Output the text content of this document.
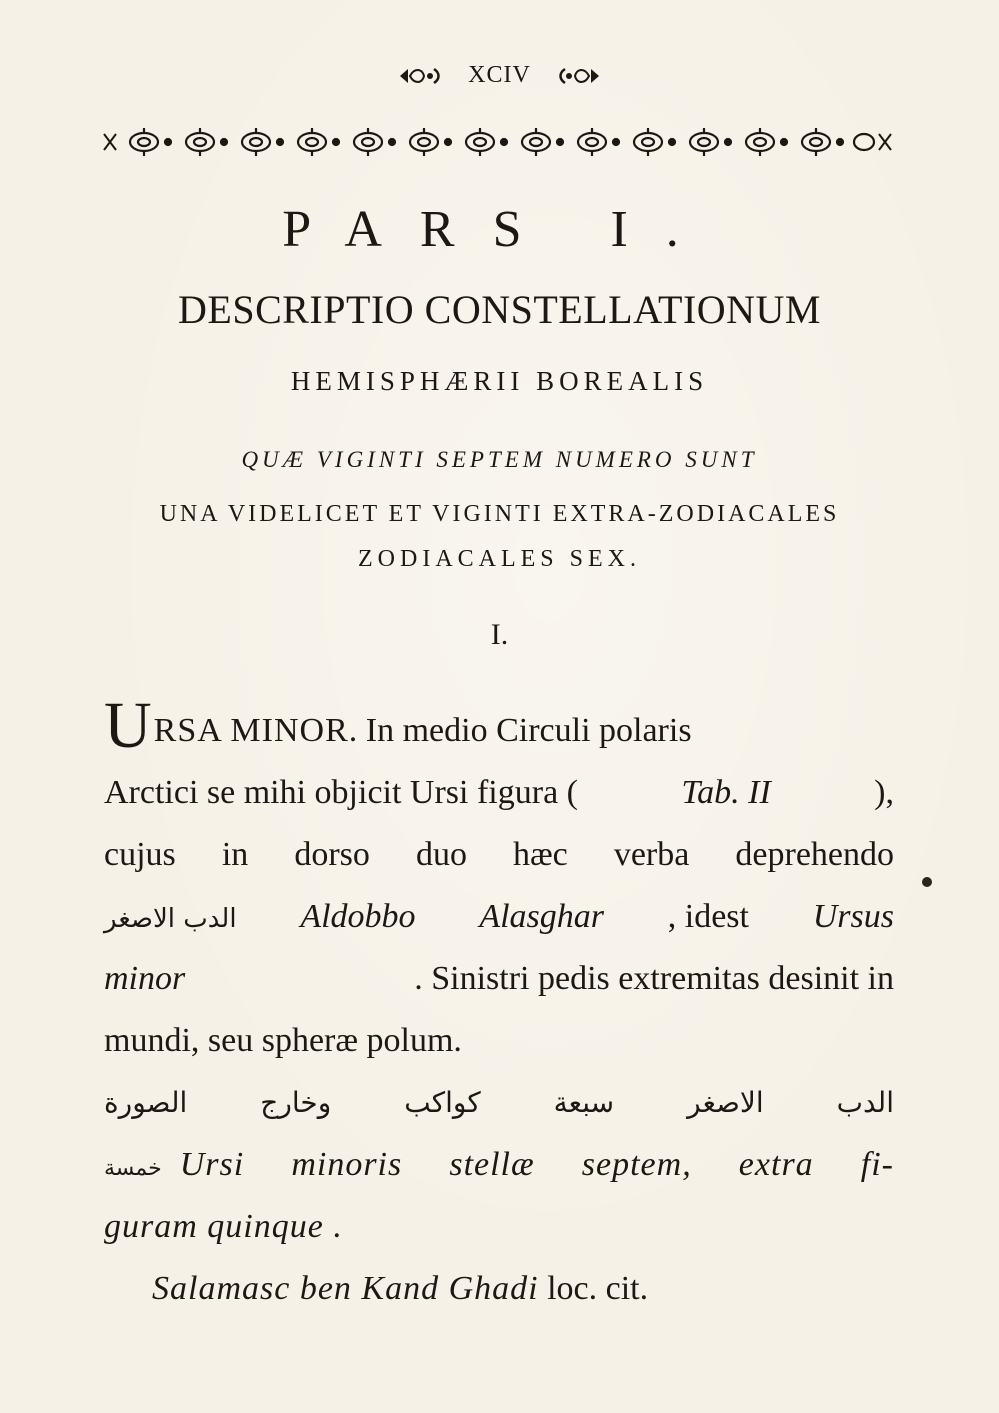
XCIV
PARS I.
DESCRIPTIO CONSTELLATIONUM
HEMISPHÆRII BOREALIS
QUÆ VIGINTI SEPTEM NUMERO SUNT
UNA VIDELICET ET VIGINTI EXTRA-ZODIACALES
ZODIACALES SEX.
I.
URSA MINOR. In medio Circuli polaris
Arctici se mihi objicit Ursi figura (	Tab. II	),
cujus in dorso duo hæc verba deprehendo
الدب الاصغر Aldobbo Alasghar , idest Ursus
minor	. Sinistri pedis extremitas desinit in
mundi, seu spheræ polum.
الدب
الاصغر
سبعة
كواكب
وخارج
الصورة
خمسة Ursi minoris stellæ septem, extra fi-
guram quinque .
Salamasc ben Kand Ghadi loc. cit.
